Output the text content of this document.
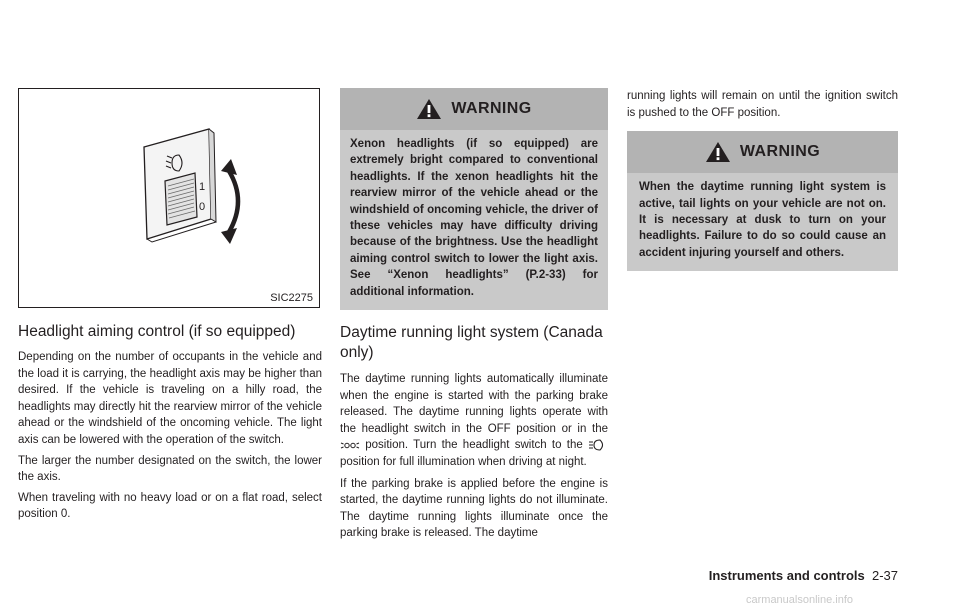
1
0
SIC2275
Headlight aiming control (if so equipped)

Depending on the number of occupants in the vehicle and the load it is carrying, the headlight axis may be higher than desired. If the vehicle is traveling on a hilly road, the headlights may directly hit the rearview mirror of the vehicle ahead or the windshield of the oncoming vehicle. The light axis can be lowered with the operation of the switch.

The larger the number designated on the switch, the lower the axis.

When traveling with no heavy load or on a flat road, select position 0.

WARNING
Xenon headlights (if so equipped) are extremely bright compared to conventional headlights. If the xenon headlights hit the rearview mirror of the vehicle ahead or the windshield of oncoming vehicle, the driver of these vehicles may have difficulty driving because of the brightness. Use the headlight aiming control switch to lower the light axis. See “Xenon headlights” (P.2-33) for additional information.
Daytime running light system (Canada only)

The daytime running lights automatically illuminate when the engine is started with the parking brake released. The daytime running lights operate with the headlight switch in the OFF position or in the  position. Turn the headlight switch to the  position for full illumination when driving at night.

If the parking brake is applied before the engine is started, the daytime running lights do not illuminate. The daytime running lights illuminate once the parking brake is released. The daytime

running lights will remain on until the ignition switch is pushed to the OFF position.

WARNING
When the daytime running light system is active, tail lights on your vehicle are not on. It is necessary at dusk to turn on your headlights. Failure to do so could cause an accident injuring yourself and others.
Instruments and controls 2-37
carmanualsonline.info
